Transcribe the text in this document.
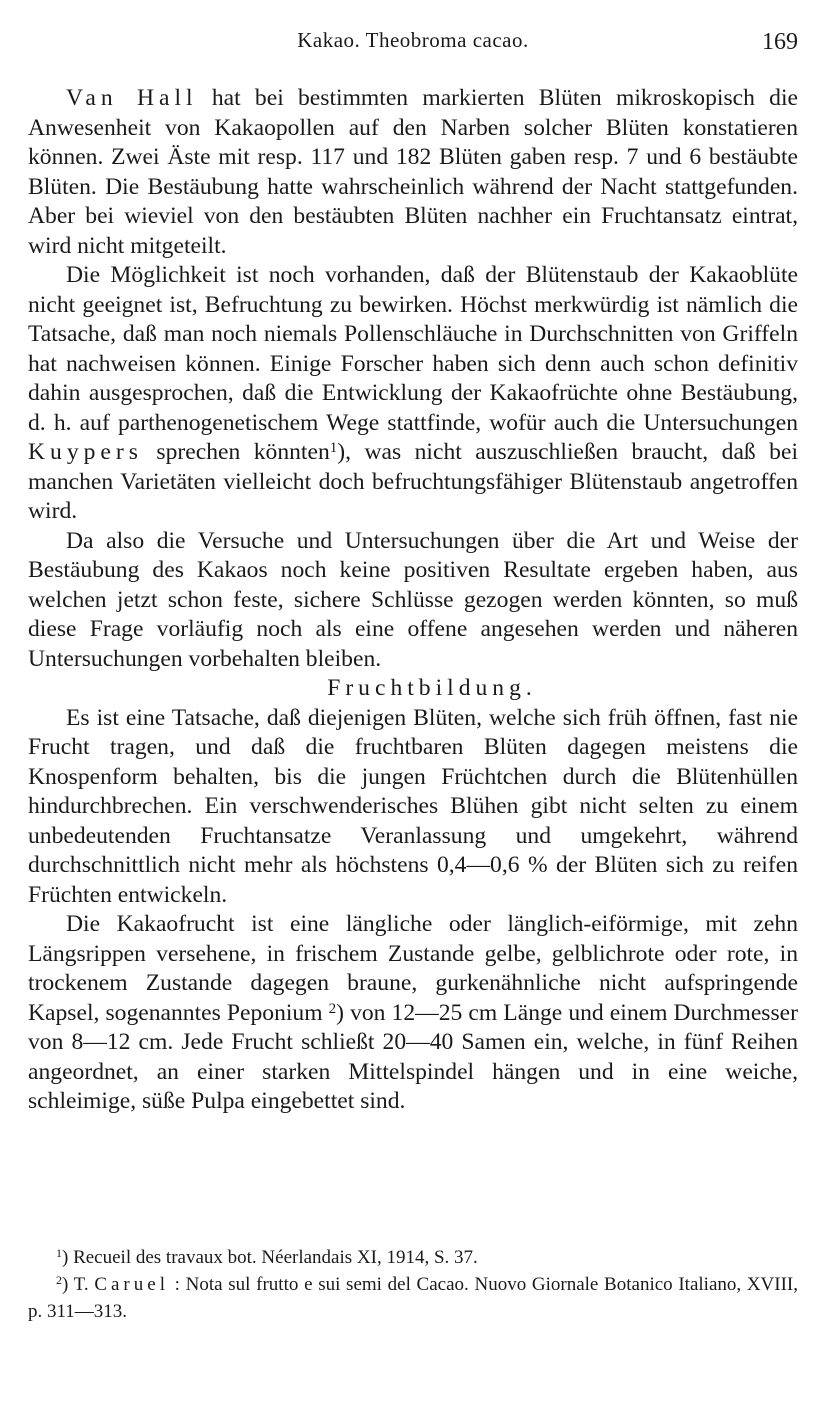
Kakao. Theobroma cacao.	169

Van Hall hat bei bestimmten markierten Blüten mikroskopisch die Anwesenheit von Kakaopollen auf den Narben solcher Blüten konstatieren können. Zwei Äste mit resp. 117 und 182 Blüten gaben resp. 7 und 6 bestäubte Blüten. Die Bestäubung hatte wahrscheinlich während der Nacht stattgefunden. Aber bei wieviel von den bestäubten Blüten nachher ein Fruchtansatz eintrat, wird nicht mitgeteilt.

Die Möglichkeit ist noch vorhanden, daß der Blütenstaub der Kakaoblüte nicht geeignet ist, Befruchtung zu bewirken. Höchst merkwürdig ist nämlich die Tatsache, daß man noch niemals Pollenschläuche in Durchschnitten von Griffeln hat nachweisen können. Einige Forscher haben sich denn auch schon definitiv dahin ausgesprochen, daß die Entwicklung der Kakaofrüchte ohne Bestäubung, d. h. auf parthenogenetischem Wege stattfinde, wofür auch die Untersuchungen Kuypers sprechen könnten$^1$), was nicht auszuschließen braucht, daß bei manchen Varietäten vielleicht doch befruchtungsfähiger Blütenstaub angetroffen wird.

Da also die Versuche und Untersuchungen über die Art und Weise der Bestäubung des Kakaos noch keine positiven Resultate ergeben haben, aus welchen jetzt schon feste, sichere Schlüsse gezogen werden könnten, so muß diese Frage vorläufig noch als eine offene angesehen werden und näheren Untersuchungen vorbehalten bleiben.

Fruchtbildung.

Es ist eine Tatsache, daß diejenigen Blüten, welche sich früh öffnen, fast nie Frucht tragen, und daß die fruchtbaren Blüten dagegen meistens die Knospenform behalten, bis die jungen Früchtchen durch die Blütenhüllen hindurchbrechen. Ein verschwenderisches Blühen gibt nicht selten zu einem unbedeutenden Fruchtansatze Veranlassung und umgekehrt, während durchschnittlich nicht mehr als höchstens 0,4—0,6 % der Blüten sich zu reifen Früchten entwickeln.

Die Kakaofrucht ist eine längliche oder länglich-eiförmige, mit zehn Längsrippen versehene, in frischem Zustande gelbe, gelblichrote oder rote, in trockenem Zustande dagegen braune, gurkenähnliche nicht aufspringende Kapsel, sogenanntes Peponium $^2$) von 12—25 cm Länge und einem Durchmesser von 8—12 cm. Jede Frucht schließt 20—40 Samen ein, welche, in fünf Reihen angeordnet, an einer starken Mittelspindel hängen und in eine weiche, schleimige, süße Pulpa eingebettet sind.

$^1$) Recueil des travaux bot. Néerlandais XI, 1914, S. 37.

$^2$) T. Caruel : Nota sul frutto e sui semi del Cacao. Nuovo Giornale Botanico Italiano, XVIII, p. 311—313.
